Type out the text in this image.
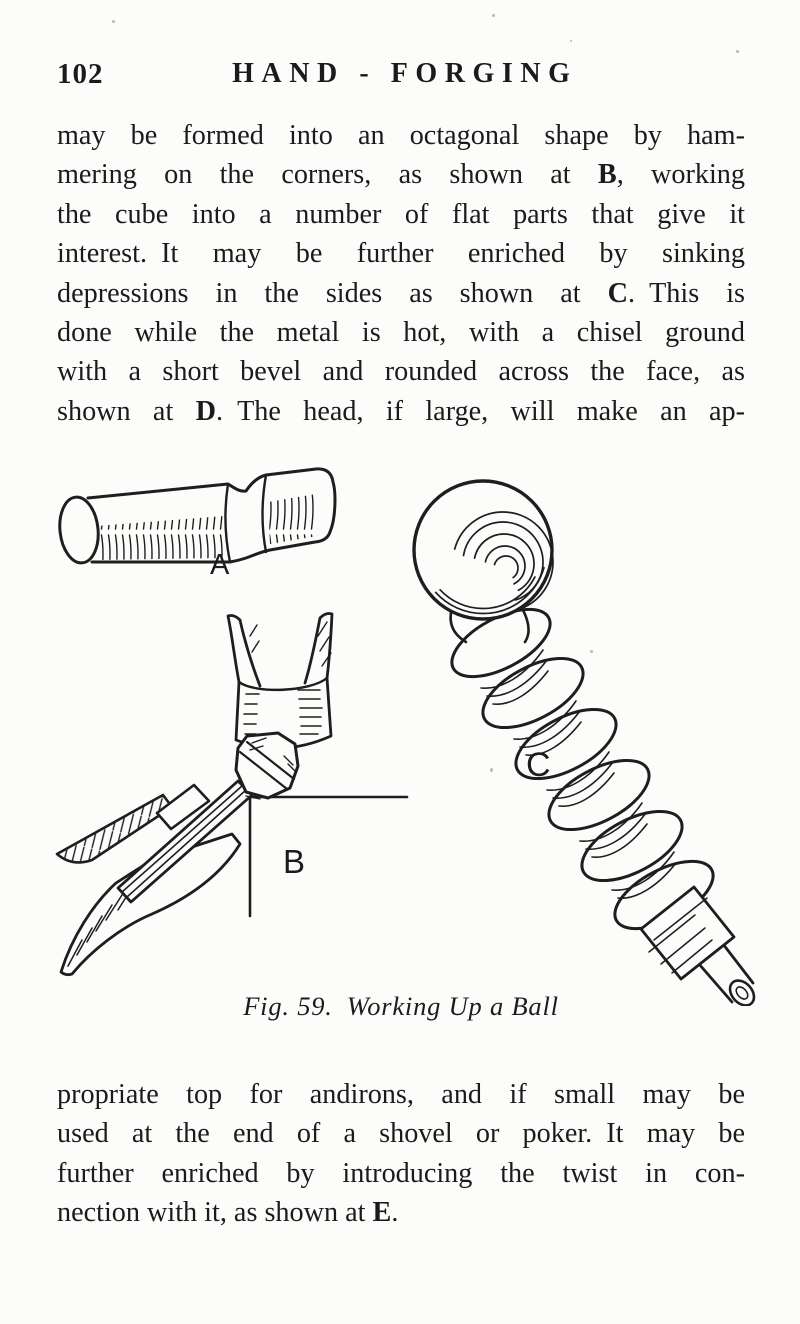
102	HAND - FORGING
may be formed into an octagonal shape by ham-
mering on the corners, as shown at B, working
the cube into a number of flat parts that give it
interest. It may be further enriched by sinking
depressions in the sides as shown at C. This is
done while the metal is hot, with a chisel ground
with a short bevel and rounded across the face, as
shown at D. The head, if large, will make an ap-
A
B
C
Fig. 59. Working Up a Ball
propriate top for andirons, and if small may be
used at the end of a shovel or poker. It may be
further enriched by introducing the twist in con-
nection with it, as shown at E.
